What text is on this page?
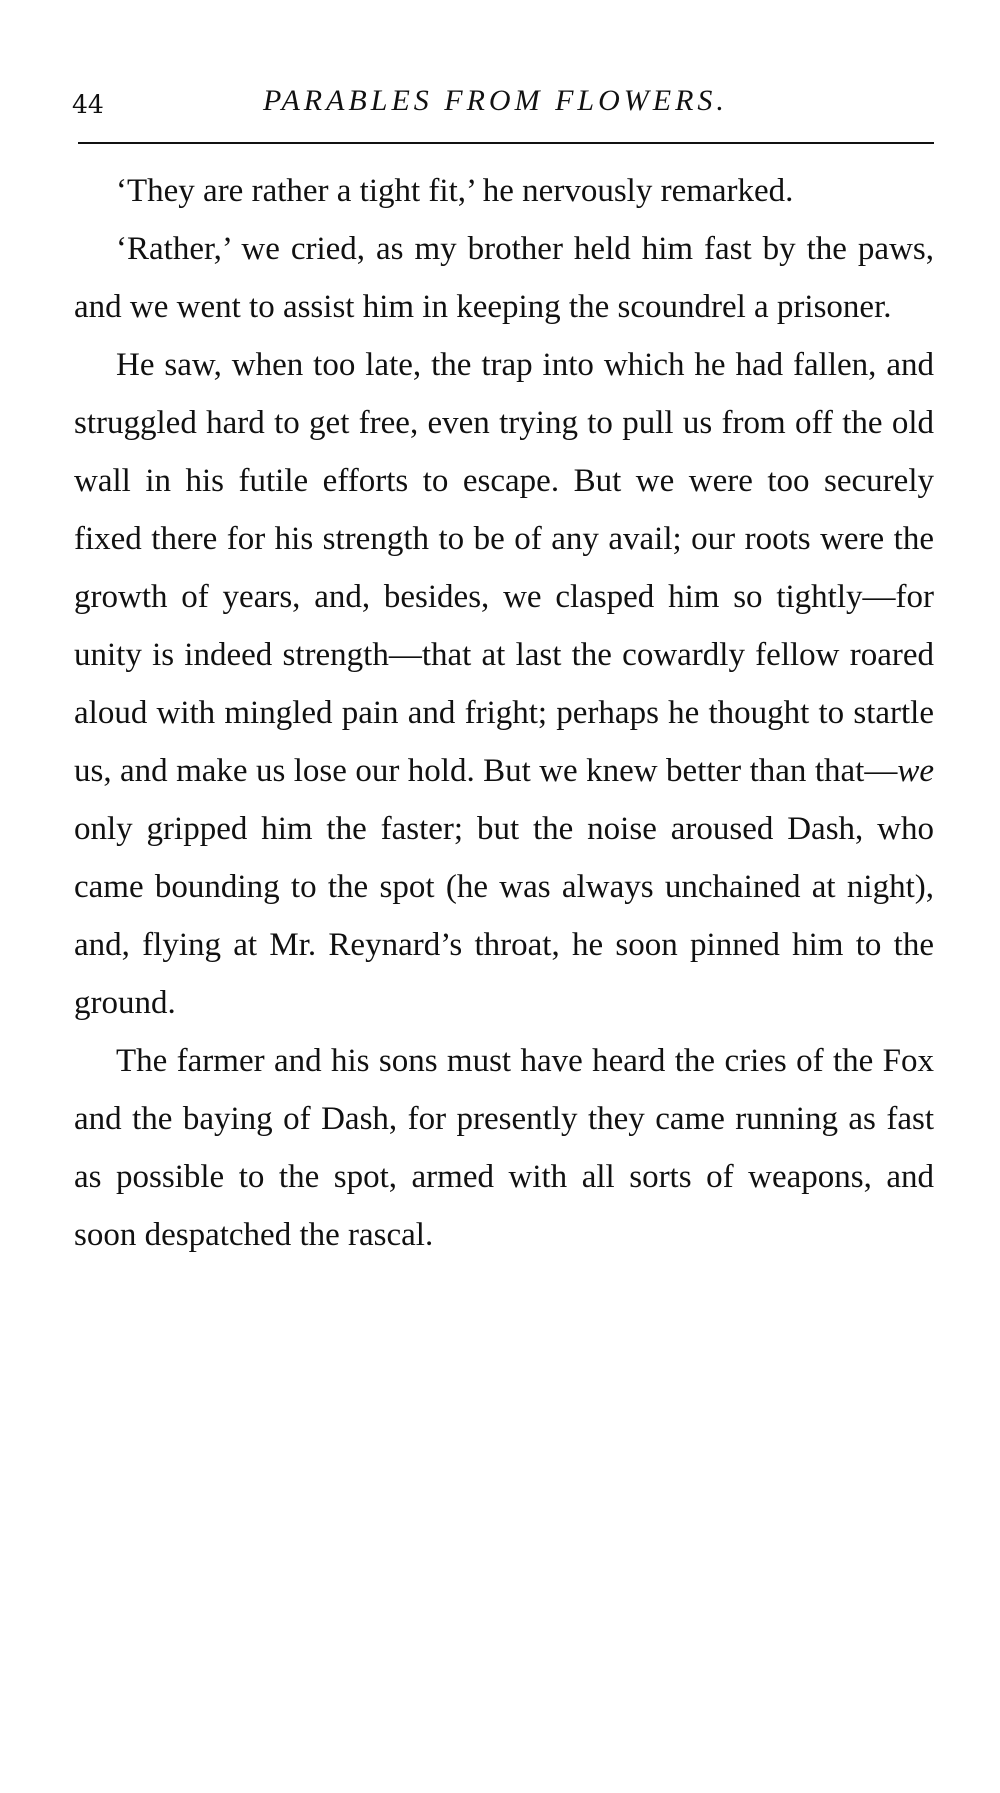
44	PARABLES FROM FLOWERS.

‘They are rather a tight fit,’ he nervously remarked.

‘Rather,’ we cried, as my brother held him fast by the paws, and we went to assist him in keeping the scoundrel a prisoner.

He saw, when too late, the trap into which he had fallen, and struggled hard to get free, even trying to pull us from off the old wall in his futile efforts to escape. But we were too securely fixed there for his strength to be of any avail; our roots were the growth of years, and, besides, we clasped him so tightly—for unity is indeed strength—that at last the cowardly fellow roared aloud with mingled pain and fright; perhaps he thought to startle us, and make us lose our hold. But we knew better than that—we only gripped him the faster; but the noise aroused Dash, who came bounding to the spot (he was always unchained at night), and, flying at Mr. Reynard’s throat, he soon pinned him to the ground.

The farmer and his sons must have heard the cries of the Fox and the baying of Dash, for presently they came running as fast as possible to the spot, armed with all sorts of weapons, and soon despatched the rascal.
